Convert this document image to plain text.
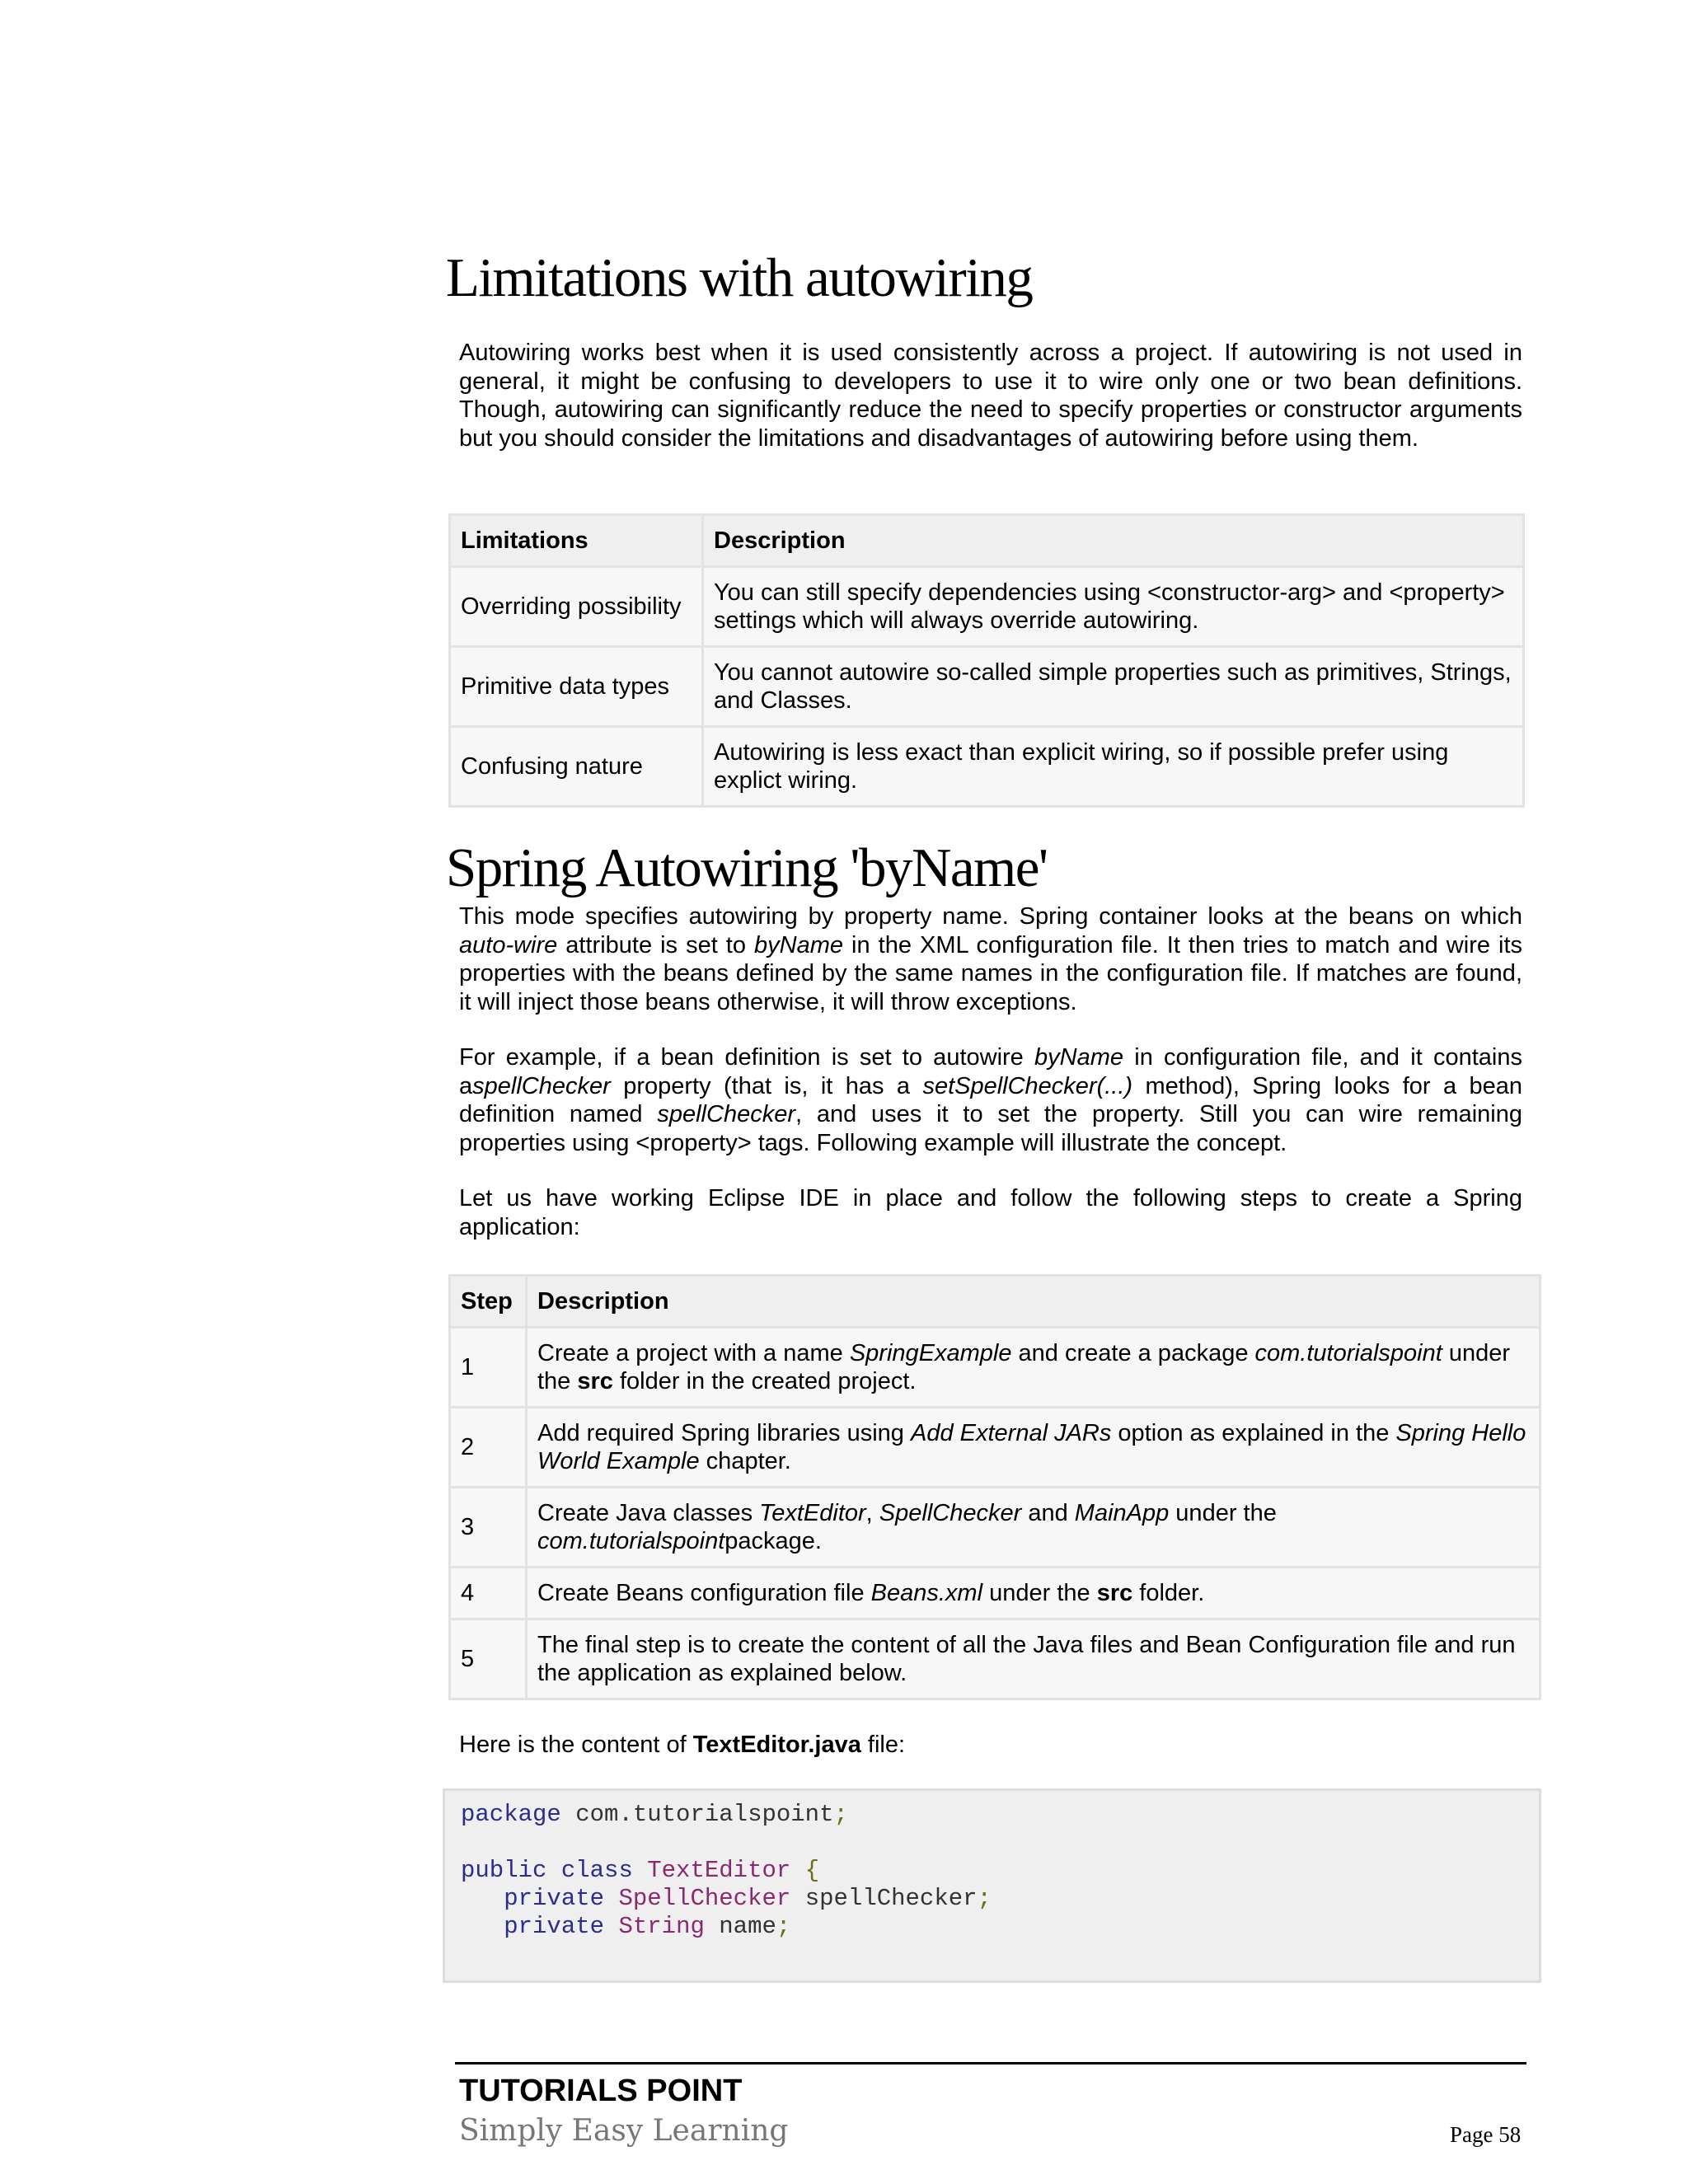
Limitations with autowiring

Autowiring works best when it is used consistently across a project. If autowiring is not used in general, it might be confusing to developers to use it to wire only one or two bean definitions. Though, autowiring can significantly reduce the need to specify properties or constructor arguments but you should consider the limitations and disadvantages of autowiring before using them.

Limitations	Description
Overriding possibility	You can still specify dependencies using <constructor-arg> and <property> settings which will always override autowiring.
Primitive data types	You cannot autowire so-called simple properties such as primitives, Strings, and Classes.
Confusing nature	Autowiring is less exact than explicit wiring, so if possible prefer using explict wiring.
Spring Autowiring 'byName'

This mode specifies autowiring by property name. Spring container looks at the beans on which auto-wire attribute is set to byName in the XML configuration file. It then tries to match and wire its properties with the beans defined by the same names in the configuration file. If matches are found, it will inject those beans otherwise, it will throw exceptions.

For example, if a bean definition is set to autowire byName in configuration file, and it contains aspellChecker property (that is, it has a setSpellChecker(...) method), Spring looks for a bean definition named spellChecker, and uses it to set the property. Still you can wire remaining properties using <property> tags. Following example will illustrate the concept.

Let us have working Eclipse IDE in place and follow the following steps to create a Spring application:

Step	Description
1	Create a project with a name SpringExample and create a package com.tutorialspoint under the src folder in the created project.
2	Add required Spring libraries using Add External JARs option as explained in the Spring Hello World Example chapter.
3	Create Java classes TextEditor, SpellChecker and MainApp under the com.tutorialspointpackage.
4	Create Beans configuration file Beans.xml under the src folder.
5	The final step is to create the content of all the Java files and Bean Configuration file and run the application as explained below.

Here is the content of TextEditor.java file:

package com.tutorialspoint;

public class TextEditor {
private SpellChecker spellChecker;
private String name;
TUTORIALS POINT
Simply Easy Learning	Page 58
